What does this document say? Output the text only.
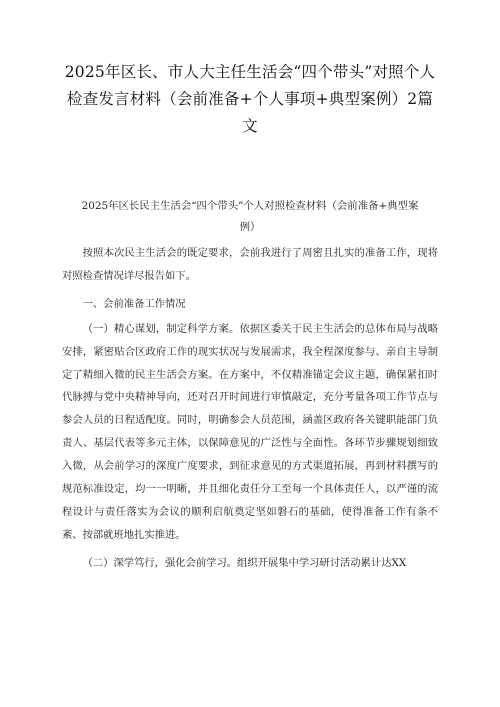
2025年区长、市人大主任生活会“四个带头”对照个人检查发言材料（会前准备+个人事项+典型案例）2篇文
2025年区长民主生活会“四个带头”个人对照检查材料（会前准备+典型案例）

按照本次民主生活会的既定要求，会前我进行了周密且扎实的准备工作，现将对照检查情况详尽报告如下。

一、会前准备工作情况

（一）精心谋划，制定科学方案。依据区委关于民主生活会的总体布局与战略安排，紧密贴合区政府工作的现实状况与发展需求，我全程深度参与、亲自主导制定了精细入微的民主生活会方案。在方案中，不仅精准锚定会议主题，确保紧扣时代脉搏与党中央精神导向，还对召开时间进行审慎敲定，充分考量各项工作节点与参会人员的日程适配度。同时，明确参会人员范围，涵盖区政府各关键职能部门负责人、基层代表等多元主体，以保障意见的广泛性与全面性。各环节步骤规划细致入微，从会前学习的深度广度要求，到征求意见的方式渠道拓展，再到材料撰写的规范标准设定，均一一明晰，并且细化责任分工至每一个具体责任人，以严谨的流程设计与责任落实为会议的顺利启航奠定坚如磐石的基础，使得准备工作有条不紊、按部就班地扎实推进。

（二）深学笃行，强化会前学习。组织开展集中学习研讨活动累计达XX
